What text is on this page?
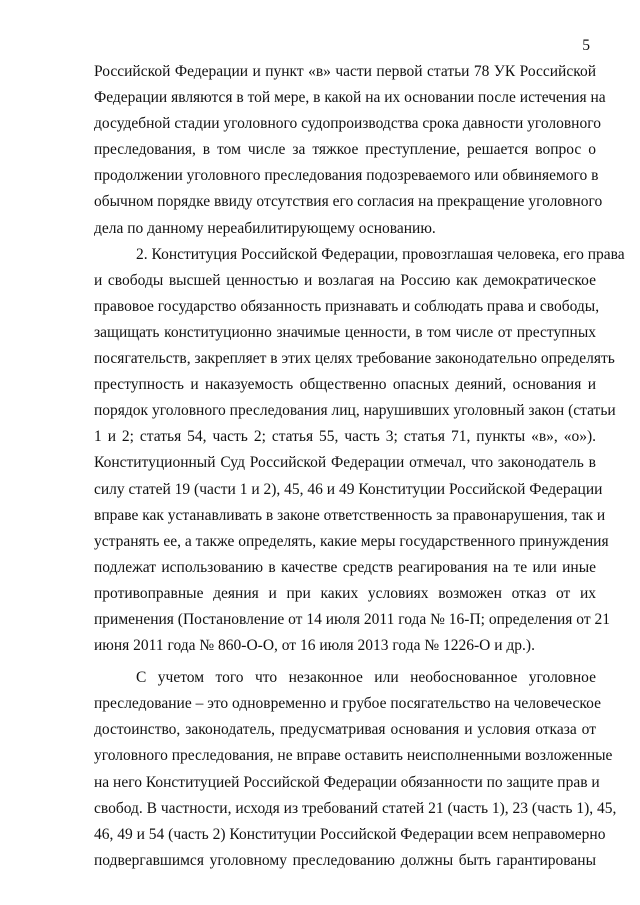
5
Российской Федерации и пункт «в» части первой статьи 78 УК Российской
Федерации являются в той мере, в какой на их основании после истечения на
досудебной стадии уголовного судопроизводства срока давности уголовного
преследования, в том числе за тяжкое преступление, решается вопрос о
продолжении уголовного преследования подозреваемого или обвиняемого в
обычном порядке ввиду отсутствия его согласия на прекращение уголовного
дела по данному нереабилитирующему основанию.
2. Конституция Российской Федерации, провозглашая человека, его права
и свободы высшей ценностью и возлагая на Россию как демократическое
правовое государство обязанность признавать и соблюдать права и свободы,
защищать конституционно значимые ценности, в том числе от преступных
посягательств, закрепляет в этих целях требование законодательно определять
преступность и наказуемость общественно опасных деяний, основания и
порядок уголовного преследования лиц, нарушивших уголовный закон (статьи
1 и 2; статья 54, часть 2; статья 55, часть 3; статья 71, пункты «в», «о»).
Конституционный Суд Российской Федерации отмечал, что законодатель в
силу статей 19 (части 1 и 2), 45, 46 и 49 Конституции Российской Федерации
вправе как устанавливать в законе ответственность за правонарушения, так и
устранять ее, а также определять, какие меры государственного принуждения
подлежат использованию в качестве средств реагирования на те или иные
противоправные деяния и при каких условиях возможен отказ от их
применения (Постановление от 14 июля 2011 года № 16-П; определения от 21
июня 2011 года № 860-О-О, от 16 июля 2013 года № 1226-О и др.).
С учетом того что незаконное или необоснованное уголовное
преследование – это одновременно и грубое посягательство на человеческое
достоинство, законодатель, предусматривая основания и условия отказа от
уголовного преследования, не вправе оставить неисполненными возложенные
на него Конституцией Российской Федерации обязанности по защите прав и
свобод. В частности, исходя из требований статей 21 (часть 1), 23 (часть 1), 45,
46, 49 и 54 (часть 2) Конституции Российской Федерации всем неправомерно
подвергавшимся уголовному преследованию должны быть гарантированы
